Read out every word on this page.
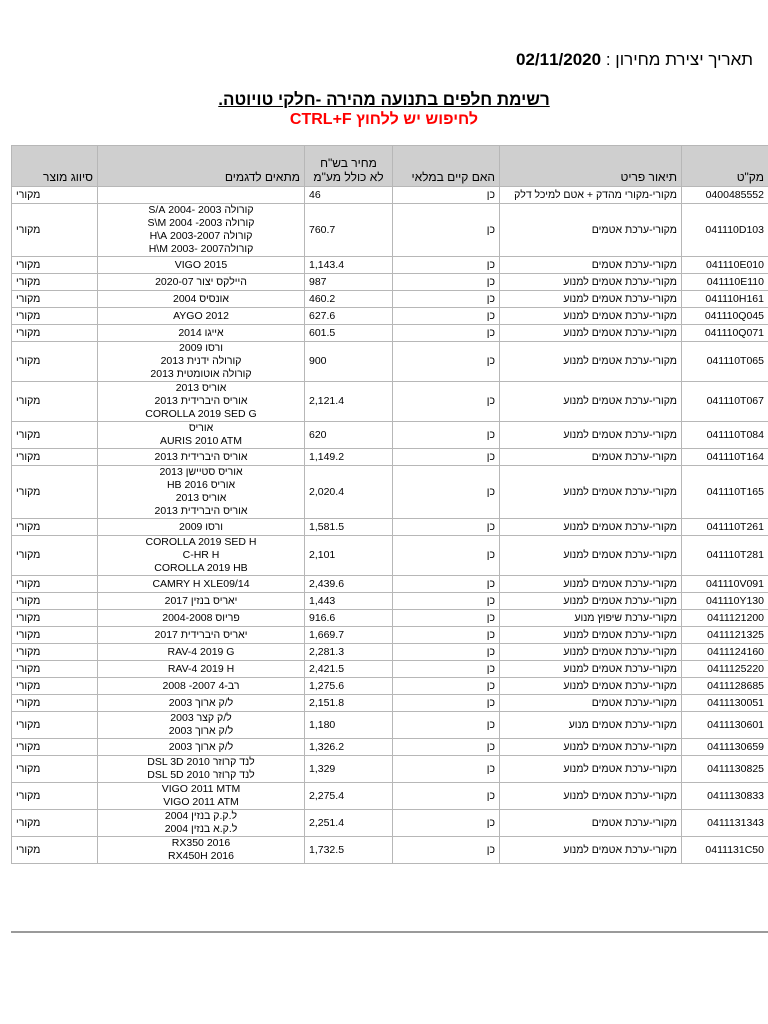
תאריך יצירת מחירון : 02/11/2020
רשימת חלפים בתנועה מהירה -חלקי טויוטה.
לחיפוש יש ללחוץ CTRL+F
מק"ט	תיאור פריט	האם קיים במלאי	מחיר בש"ח
לא כולל מע"מ	מתאים לדגמים	סיווג מוצר
0400485552	מקורי-מקורי מהדק + אטם למיכל דלק	כן	46		מקורי
041110D103	מקורי-ערכת אטמים	כן	760.7	קורולה 2003 -2004 S/A
קורולה 2003- 2004 S\M
קורולה 2003-2007 H\A
קורולה2007 -2003 H\M	מקורי
041110E010	מקורי-ערכת אטמים	כן	1,143.4	VIGO 2015	מקורי
041110E110	מקורי-ערכת אטמים למנוע	כן	987	היילקס יצור 2020-07	מקורי
041110H161	מקורי-ערכת אטמים למנוע	כן	460.2	אונסיס 2004	מקורי
041110Q045	מקורי-ערכת אטמים למנוע	כן	627.6	AYGO 2012	מקורי
041110Q071	מקורי-ערכת אטמים למנוע	כן	601.5	אייגו 2014	מקורי
041110T065	מקורי-ערכת אטמים למנוע	כן	900	ורסו 2009
קורולה ידנית 2013
קורולה אוטומטית 2013	מקורי
041110T067	מקורי-ערכת אטמים למנוע	כן	2,121.4	אוריס 2013
אוריס היברידית 2013
COROLLA 2019 SED G	מקורי
041110T084	מקורי-ערכת אטמים למנוע	כן	620	אוריס
AURIS 2010 ATM	מקורי
041110T164	מקורי-ערכת אטמים	כן	1,149.2	אוריס היברידית 2013	מקורי
041110T165	מקורי-ערכת אטמים למנוע	כן	2,020.4	אוריס סטיישן 2013
אוריס HB 2016
אוריס 2013
אוריס היברידית 2013	מקורי
041110T261	מקורי-ערכת אטמים למנוע	כן	1,581.5	ורסו 2009	מקורי
041110T281	מקורי-ערכת אטמים למנוע	כן	2,101	COROLLA 2019 SED H
C-HR H
COROLLA 2019 HB	מקורי
041110V091	מקורי-ערכת אטמים למנוע	כן	2,439.6	CAMRY H XLE09/14	מקורי
041110Y130	מקורי-ערכת אטמים למנוע	כן	1,443	יאריס בנזין 2017	מקורי
0411121200	מקורי-ערכת שיפוץ מנוע	כן	916.6	פריוס 2004-2008	מקורי
0411121325	מקורי-ערכת אטמים למנוע	כן	1,669.7	יאריס היברידית 2017	מקורי
0411124160	מקורי-ערכת אטמים למנוע	כן	2,281.3	RAV-4 2019 G	מקורי
0411125220	מקורי-ערכת אטמים למנוע	כן	2,421.5	RAV-4 2019 H	מקורי
0411128685	מקורי-ערכת אטמים למנוע	כן	1,275.6	רב-4 2007- 2008	מקורי
0411130051	מקורי-ערכת אטמים	כן	2,151.8	ל/ק ארוך 2003	מקורי
0411130601	מקורי-ערכת אטמים מנוע	כן	1,180	ל/ק קצר 2003
ל/ק ארוך 2003	מקורי
0411130659	מקורי-ערכת אטמים למנוע	כן	1,326.2	ל/ק ארוך 2003	מקורי
0411130825	מקורי-ערכת אטמים למנוע	כן	1,329	לנד קרוזר DSL 3D 2010
לנד קרוזר DSL 5D 2010	מקורי
0411130833	מקורי-ערכת אטמים למנוע	כן	2,275.4	VIGO 2011 MTM
VIGO 2011 ATM	מקורי
0411131343	מקורי-ערכת אטמים	כן	2,251.4	ל.ק.ק בנזין 2004
ל.ק.א בנזין 2004	מקורי
0411131C50	מקורי-ערכת אטמים למנוע	כן	1,732.5	RX350 2016
RX450H 2016	מקורי
